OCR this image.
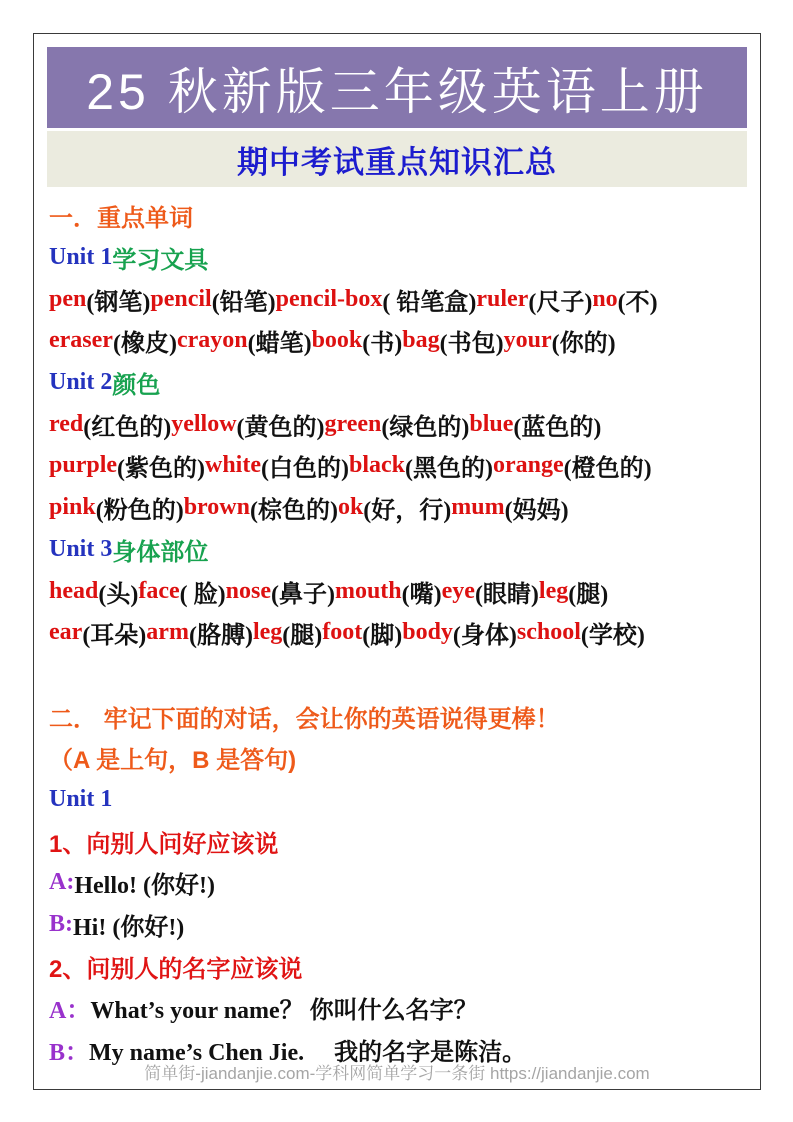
25 秋新版三年级英语上册
期中考试重点知识汇总
一．重点单词
Unit 1 学习文具
pen (钢笔) pencil (铅笔) pencil-box ( 铅笔盒) ruler (尺子) no (不)
eraser (橡皮) crayon (蜡笔) book (书) bag (书包) your (你的)
Unit 2 颜色
red (红色的) yellow (黄色的) green (绿色的) blue (蓝色的)
purple (紫色的) white (白色的) black (黑色的) orange (橙色的)
pink (粉色的) brown (棕色的) ok (好，行) mum (妈妈)
Unit 3 身体部位
head (头) face ( 脸) nose (鼻子) mouth (嘴) eye (眼睛) leg (腿)
ear (耳朵) arm (胳膊) leg (腿) foot (脚) body (身体) school (学校)
二． 牢记下面的对话，会让你的英语说得更棒！
（A 是上句，B 是答句)
Unit 1
1、向别人问好应该说
A: Hello! (你好!)
B: Hi! (你好!)
2、问别人的名字应该说
A： What’s your name？ 你叫什么名字？
B： My name’s Chen Jie.　 我的名字是陈洁。
简单街-jiandanjie.com-学科网简单学习一条街 https://jiandanjie.com
